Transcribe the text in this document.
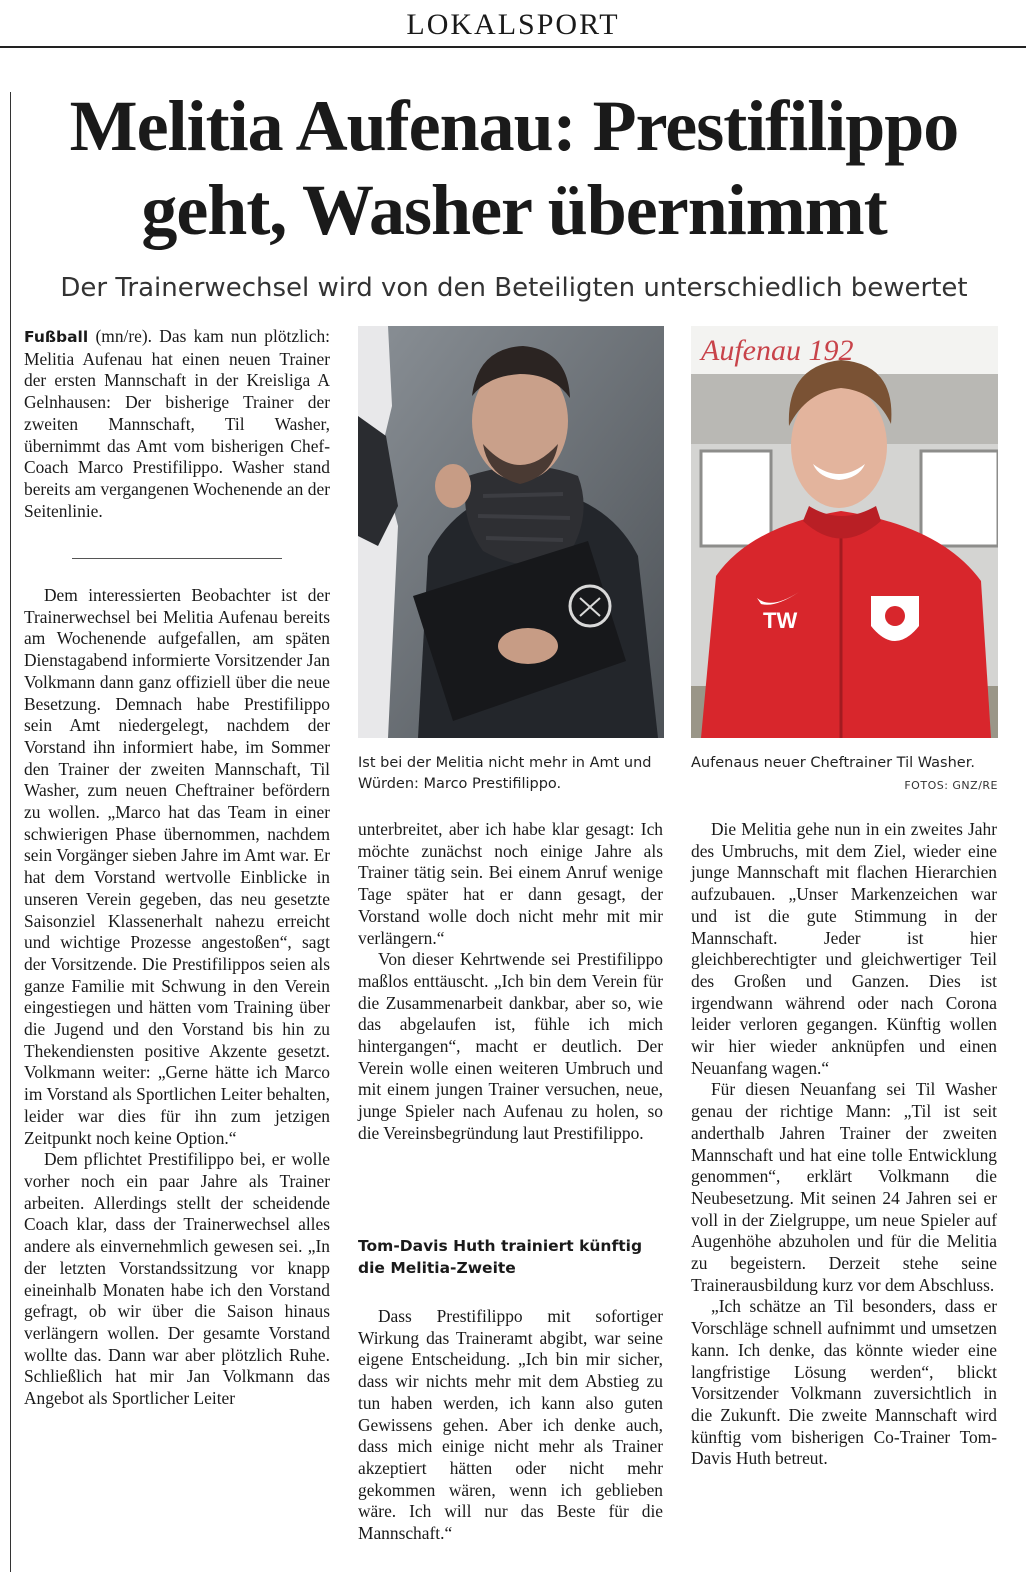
LOKALSPORT
Melitia Aufenau: Prestifilippo
geht, Washer übernimmt
Der Trainerwechsel wird von den Beteiligten unterschiedlich bewertet

Fußball (mn/re). Das kam nun plötzlich: Melitia Aufenau hat einen neuen Trainer der ersten Mannschaft in der Kreisliga A Gelnhausen: Der bisherige Trainer der zweiten Mannschaft, Til Washer, übernimmt das Amt vom bisherigen Chef-Coach Marco Prestifilippo. Washer stand bereits am vergangenen Wochenende an der Seitenlinie.

Dem interessierten Beobachter ist der Trainerwechsel bei Melitia Aufenau bereits am Wochenende aufgefallen, am späten Dienstagabend informierte Vorsitzender Jan Volkmann dann ganz offiziell über die neue Besetzung. Demnach habe Prestifilippo sein Amt niedergelegt, nachdem der Vorstand ihn informiert habe, im Sommer den Trainer der zweiten Mannschaft, Til Washer, zum neuen Cheftrainer befördern zu wollen. „Marco hat das Team in einer schwierigen Phase übernommen, nachdem sein Vorgänger sieben Jahre im Amt war. Er hat dem Vorstand wertvolle Einblicke in unseren Verein gegeben, das neu gesetzte Saisonziel Klassenerhalt nahezu erreicht und wichtige Prozesse angestoßen“, sagt der Vorsitzende. Die Prestifilippos seien als ganze Familie mit Schwung in den Verein eingestiegen und hätten vom Training über die Jugend und den Vorstand bis hin zu Thekendiensten positive Akzente gesetzt. Volkmann weiter: „Gerne hätte ich Marco im Vorstand als Sportlichen Leiter behalten, leider war dies für ihn zum jetzigen Zeitpunkt noch keine Option.“

Dem pflichtet Prestifilippo bei, er wolle vorher noch ein paar Jahre als Trainer arbeiten. Allerdings stellt der scheidende Coach klar, dass der Trainerwechsel alles andere als einvernehmlich gewesen sei. „In der letzten Vorstandssitzung vor knapp eineinhalb Monaten habe ich den Vorstand gefragt, ob wir über die Saison hinaus verlängern wollen. Der gesamte Vorstand wollte das. Dann war aber plötzlich Ruhe. Schließlich hat mir Jan Volkmann das Angebot als Sportlicher Leiter

Aufenau 192
TW
Ist bei der Melitia nicht mehr in Amt und Würden: Marco Prestifilippo.
Aufenaus neuer Cheftrainer Til Washer.
FOTOS: GNZ/RE

unterbreitet, aber ich habe klar gesagt: Ich möchte zunächst noch einige Jahre als Trainer tätig sein. Bei einem Anruf wenige Tage später hat er dann gesagt, der Vorstand wolle doch nicht mehr mit mir verlängern.“

Von dieser Kehrtwende sei Prestifilippo maßlos enttäuscht. „Ich bin dem Verein für die Zusammenarbeit dankbar, aber so, wie das abgelaufen ist, fühle ich mich hintergangen“, macht er deutlich. Der Verein wolle einen weiteren Umbruch und mit einem jungen Trainer versuchen, neue, junge Spieler nach Aufenau zu holen, so die Vereinsbegründung laut Prestifilippo.

Tom-Davis Huth trainiert künftig die Melitia-Zweite

Dass Prestifilippo mit sofortiger Wirkung das Traineramt abgibt, war seine eigene Entscheidung. „Ich bin mir sicher, dass wir nichts mehr mit dem Abstieg zu tun haben werden, ich kann also guten Gewissens gehen. Aber ich denke auch, dass mich einige nicht mehr als Trainer akzeptiert hätten oder nicht mehr gekommen wären, wenn ich geblieben wäre. Ich will nur das Beste für die Mannschaft.“

Die Melitia gehe nun in ein zweites Jahr des Umbruchs, mit dem Ziel, wieder eine junge Mannschaft mit flachen Hierarchien aufzubauen. „Unser Markenzeichen war und ist die gute Stimmung in der Mannschaft. Jeder ist hier gleichberechtigter und gleichwertiger Teil des Großen und Ganzen. Dies ist irgendwann während oder nach Corona leider verloren gegangen. Künftig wollen wir hier wieder anknüpfen und einen Neuanfang wagen.“

Für diesen Neuanfang sei Til Washer genau der richtige Mann: „Til ist seit anderthalb Jahren Trainer der zweiten Mannschaft und hat eine tolle Entwicklung genommen“, erklärt Volkmann die Neubesetzung. Mit seinen 24 Jahren sei er voll in der Zielgruppe, um neue Spieler auf Augenhöhe abzuholen und für die Melitia zu begeistern. Derzeit stehe seine Trainerausbildung kurz vor dem Abschluss.

„Ich schätze an Til besonders, dass er Vorschläge schnell aufnimmt und umsetzen kann. Ich denke, das könnte wieder eine langfristige Lösung werden“, blickt Vorsitzender Volkmann zuversichtlich in die Zukunft. Die zweite Mannschaft wird künftig vom bisherigen Co-Trainer Tom-Davis Huth betreut.
